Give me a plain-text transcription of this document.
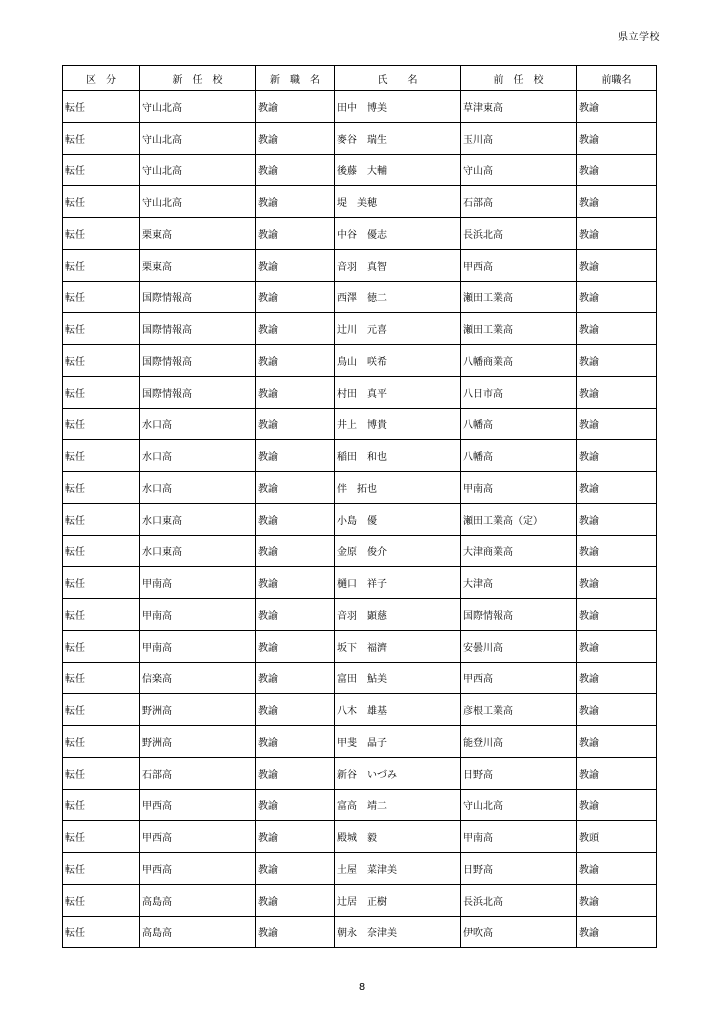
県立学校
区　分	新　任　校	新　職　名	氏　　名	前　任　校	前職名
転任	守山北高	教諭	田中　博美	草津東高	教諭
転任	守山北高	教諭	麥谷　瑞生	玉川高	教諭
転任	守山北高	教諭	後藤　大輔	守山高	教諭
転任	守山北高	教諭	堤　美穂	石部高	教諭
転任	栗東高	教諭	中谷　優志	長浜北高	教諭
転任	栗東高	教諭	音羽　真智	甲西高	教諭
転任	国際情報高	教諭	西澤　徳二	瀬田工業高	教諭
転任	国際情報高	教諭	辻川　元喜	瀬田工業高	教諭
転任	国際情報高	教諭	鳥山　咲希	八幡商業高	教諭
転任	国際情報高	教諭	村田　真平	八日市高	教諭
転任	水口高	教諭	井上　博貴	八幡高	教諭
転任	水口高	教諭	稲田　和也	八幡高	教諭
転任	水口高	教諭	伴　拓也	甲南高	教諭
転任	水口東高	教諭	小島　優	瀬田工業高（定）	教諭
転任	水口東高	教諭	金原　俊介	大津商業高	教諭
転任	甲南高	教諭	樋口　祥子	大津高	教諭
転任	甲南高	教諭	音羽　顕慈	国際情報高	教諭
転任	甲南高	教諭	坂下　福濟	安曇川高	教諭
転任	信楽高	教諭	富田　鮎美	甲西高	教諭
転任	野洲高	教諭	八木　雄基	彦根工業高	教諭
転任	野洲高	教諭	甲斐　晶子	能登川高	教諭
転任	石部高	教諭	新谷　いづみ	日野高	教諭
転任	甲西高	教諭	富高　靖二	守山北高	教諭
転任	甲西高	教諭	殿城　毅	甲南高	教頭
転任	甲西高	教諭	土屋　菜津美	日野高	教諭
転任	高島高	教諭	辻居　正樹	長浜北高	教諭
転任	高島高	教諭	朝永　奈津美	伊吹高	教諭
8
